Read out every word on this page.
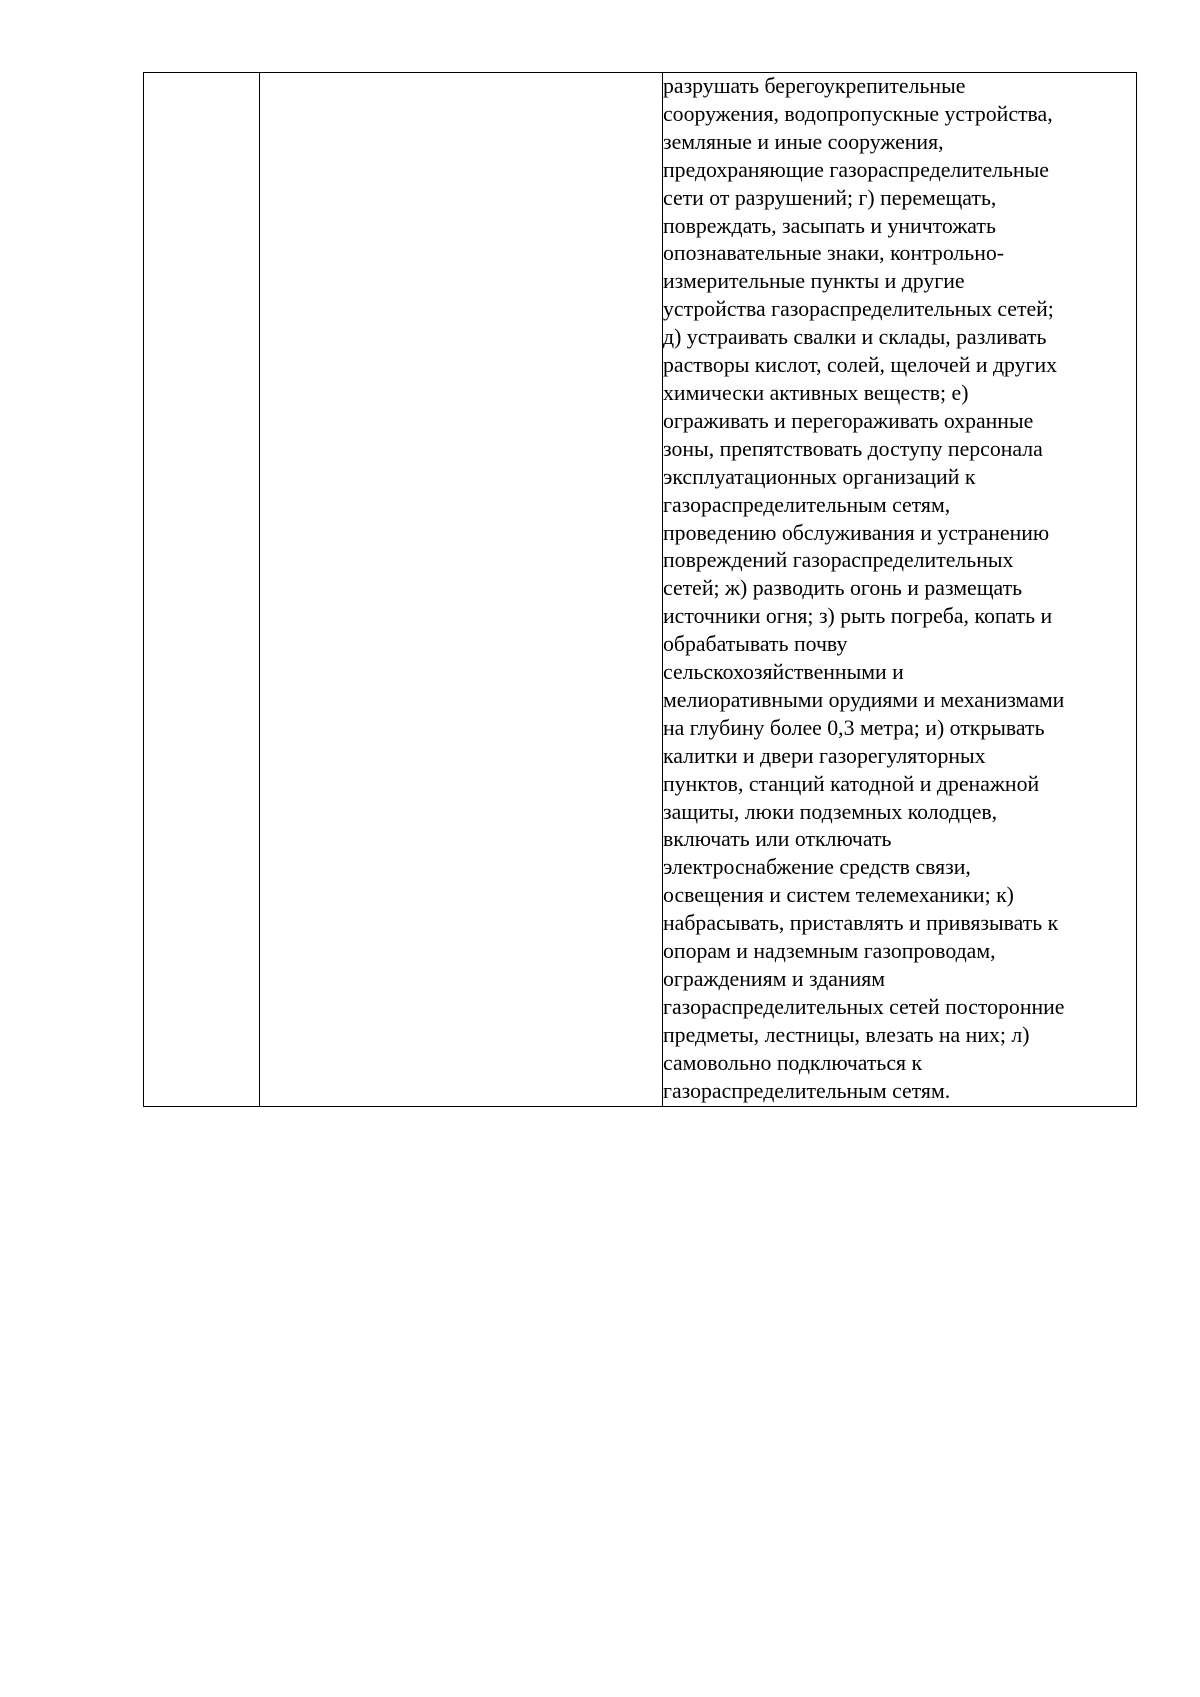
разрушать берегоукрепительные
сооружения, водопропускные устройства,
земляные и иные сооружения,
предохраняющие газораспределительные
сети от разрушений; г) перемещать,
повреждать, засыпать и уничтожать
опознавательные знаки, контрольно-
измерительные пункты и другие
устройства газораспределительных сетей;
д) устраивать свалки и склады, разливать
растворы кислот, солей, щелочей и других
химически активных веществ; е)
ограживать и перегораживать охранные
зоны, препятствовать доступу персонала
эксплуатационных организаций к
газораспределительным сетям,
проведению обслуживания и устранению
повреждений газораспределительных
сетей; ж) разводить огонь и размещать
источники огня; з) рыть погреба, копать и
обрабатывать почву
сельскохозяйственными и
мелиоративными орудиями и механизмами
на глубину более 0,3 метра; и) открывать
калитки и двери газорегуляторных
пунктов, станций катодной и дренажной
защиты, люки подземных колодцев,
включать или отключать
электроснабжение средств связи,
освещения и систем телемеханики; к)
набрасывать, приставлять и привязывать к
опорам и надземным газопроводам,
ограждениям и зданиям
газораспределительных сетей посторонние
предметы, лестницы, влезать на них; л)
самовольно подключаться к
газораспределительным сетям.
